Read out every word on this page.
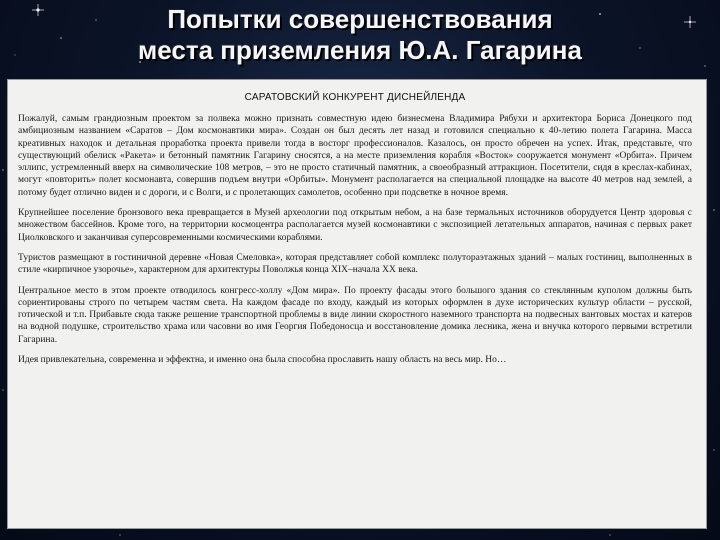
Попытки совершенствования
места приземления Ю.А. Гагарина
САРАТОВСКИЙ КОНКУРЕНТ ДИСНЕЙЛЕНДА

Пожалуй, самым грандиозным проектом за полвека можно признать совместную идею бизнесмена Владимира Рябухи и архитектора Бориса Донецкого под амбициозным названием «Саратов – Дом космонавтики мира». Создан он был десять лет назад и готовился специально к 40-летию полета Гагарина. Масса креативных находок и детальная проработка проекта привели тогда в восторг профессионалов. Казалось, он просто обречен на успех. Итак, представьте, что существующий обелиск «Ракета» и бетонный памятник Гагарину сносятся, а на месте приземления корабля «Восток» сооружается монумент «Орбита». Причем эллипс, устремленный вверх на символические 108 метров, – это не просто статичный памятник, а своеобразный аттракцион. Посетители, сидя в креслах-кабинах, могут «повторить» полет космонавта, совершив подъем внутри «Орбиты». Монумент располагается на специальной площадке на высоте 40 метров над землей, а потому будет отлично виден и с дороги, и с Волги, и с пролетающих самолетов, особенно при подсветке в ночное время.

Крупнейшее поселение бронзового века превращается в Музей археологии под открытым небом, а на базе термальных источников оборудуется Центр здоровья с множеством бассейнов. Кроме того, на территории космоцентра располагается музей космонавтики с экспозицией летательных аппаратов, начиная с первых ракет Циолковского и заканчивая суперсовременными космическими кораблями.

Туристов размещают в гостиничной деревне «Новая Смеловка», которая представляет собой комплекс полутораэтажных зданий – малых гостиниц, выполненных в стиле «кирпичное узорочье», характерном для архитектуры Поволжья конца XIX–начала XX века.

Центральное место в этом проекте отводилось конгресс-холлу «Дом мира». По проекту фасады этого большого здания со стеклянным куполом должны быть сориентированы строго по четырем частям света. На каждом фасаде по входу, каждый из которых оформлен в духе исторических культур области – русской, готической и т.п. Прибавьте сюда также решение транспортной проблемы в виде линии скоростного наземного транспорта на подвесных вантовых мостах и катеров на водной подушке, строительство храма или часовни во имя Георгия Победоносца и восстановление домика лесника, жена и внучка которого первыми встретили Гагарина.

Идея привлекательна, современна и эффектна, и именно она была способна прославить нашу область на весь мир. Но…
